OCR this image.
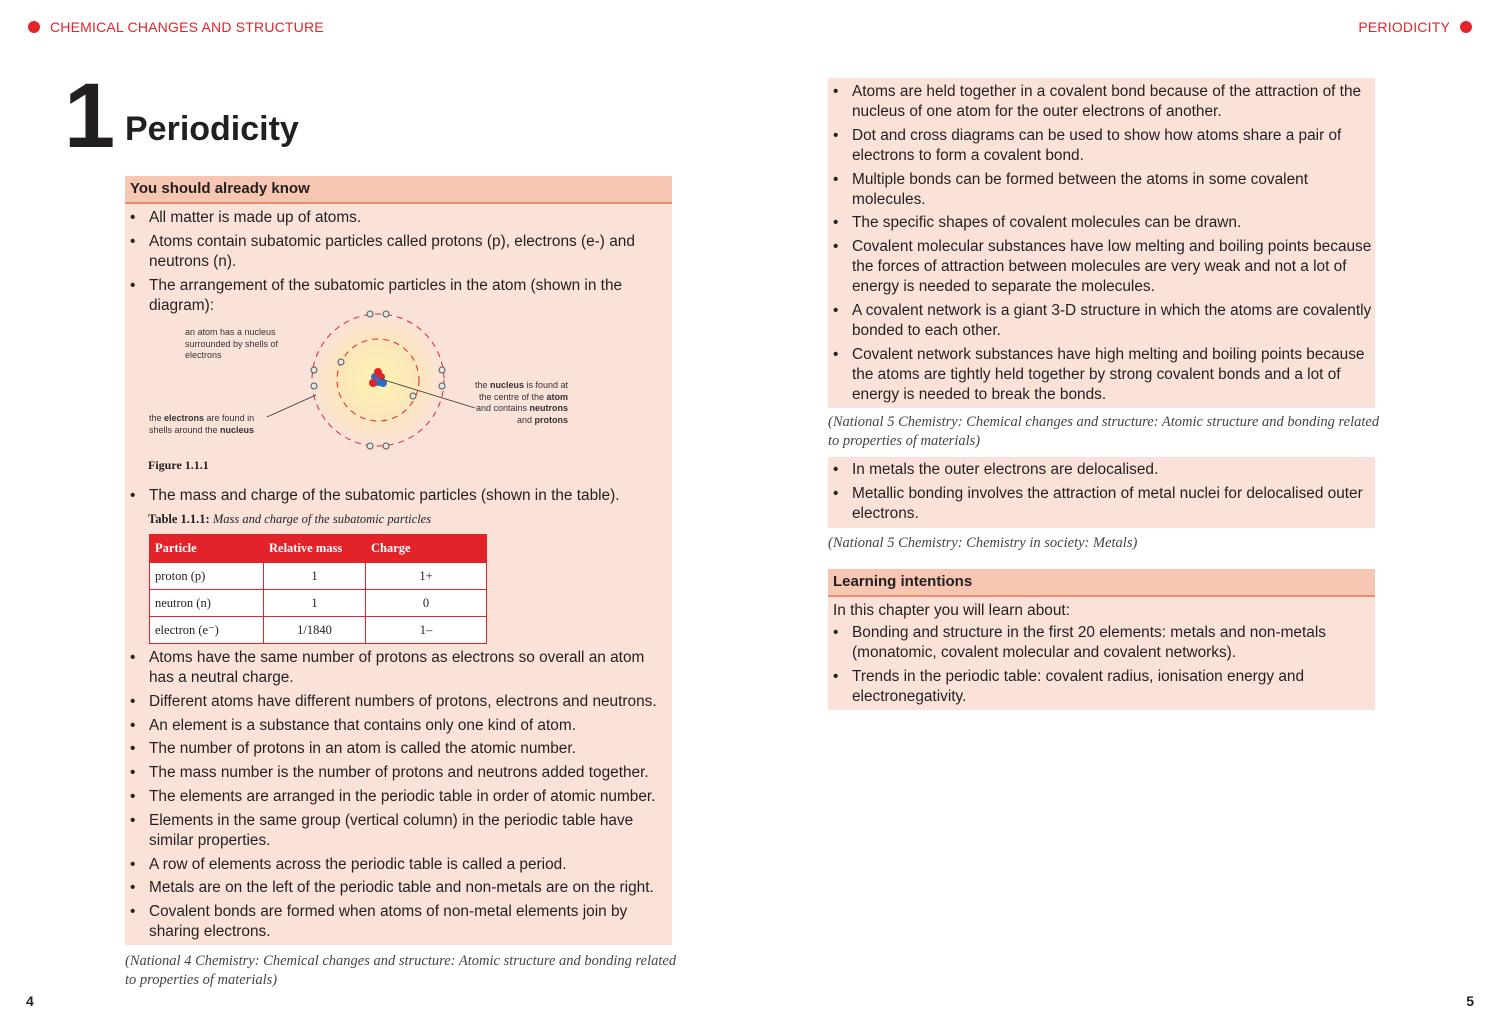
CHEMICAL CHANGES AND STRUCTURE	PERIODICITY
1 Periodicity
You should already know
• All matter is made up of atoms.
• Atoms contain subatomic particles called protons (p), electrons (e-) and neutrons (n).
• The arrangement of the subatomic particles in the atom (shown in the diagram):
an atom has a nucleus surrounded by shells of electrons
the electrons are found in shells around the nucleus
the nucleus is found at the centre of the atom and contains neutrons and protons
Figure 1.1.1
• The mass and charge of the subatomic particles (shown in the table).
Table 1.1.1: Mass and charge of the subatomic particles
Particle	Relative mass	Charge
proton (p)	1	1+
neutron (n)	1	0
electron (e⁻)	1/1840	1–
• Atoms have the same number of protons as electrons so overall an atom has a neutral charge.
• Different atoms have different numbers of protons, electrons and neutrons.
• An element is a substance that contains only one kind of atom.
• The number of protons in an atom is called the atomic number.
• The mass number is the number of protons and neutrons added together.
• The elements are arranged in the periodic table in order of atomic number.
• Elements in the same group (vertical column) in the periodic table have similar properties.
• A row of elements across the periodic table is called a period.
• Metals are on the left of the periodic table and non-metals are on the right.
• Covalent bonds are formed when atoms of non-metal elements join by sharing electrons.
(National 4 Chemistry: Chemical changes and structure: Atomic structure and bonding related to properties of materials)
• Atoms are held together in a covalent bond because of the attraction of the nucleus of one atom for the outer electrons of another.
• Dot and cross diagrams can be used to show how atoms share a pair of electrons to form a covalent bond.
• Multiple bonds can be formed between the atoms in some covalent molecules.
• The specific shapes of covalent molecules can be drawn.
• Covalent molecular substances have low melting and boiling points because the forces of attraction between molecules are very weak and not a lot of energy is needed to separate the molecules.
• A covalent network is a giant 3-D structure in which the atoms are covalently bonded to each other.
• Covalent network substances have high melting and boiling points because the atoms are tightly held together by strong covalent bonds and a lot of energy is needed to break the bonds.
(National 5 Chemistry: Chemical changes and structure: Atomic structure and bonding related to properties of materials)
• In metals the outer electrons are delocalised.
• Metallic bonding involves the attraction of metal nuclei for delocalised outer electrons.
(National 5 Chemistry: Chemistry in society: Metals)
Learning intentions
In this chapter you will learn about:
• Bonding and structure in the first 20 elements: metals and non-metals (monatomic, covalent molecular and covalent networks).
• Trends in the periodic table: covalent radius, ionisation energy and electronegativity.
4	5
